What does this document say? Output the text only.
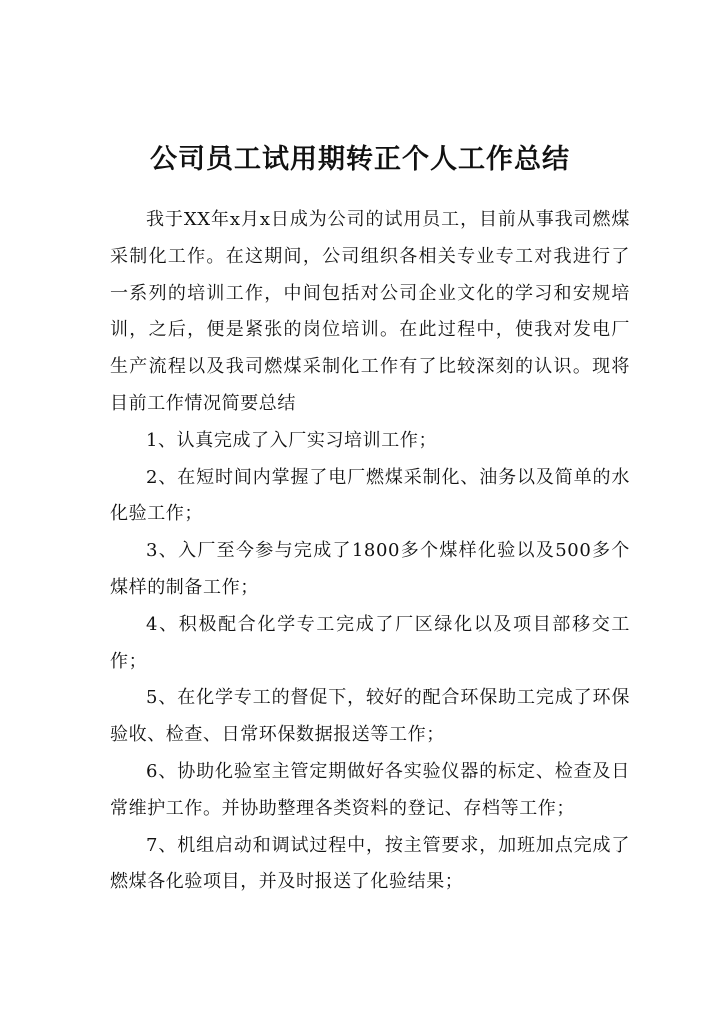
公司员工试用期转正个人工作总结

我于XX年x月x日成为公司的试用员工，目前从事我司燃煤采制化工作。在这期间，公司组织各相关专业专工对我进行了一系列的培训工作，中间包括对公司企业文化的学习和安规培训，之后，便是紧张的岗位培训。在此过程中，使我对发电厂生产流程以及我司燃煤采制化工作有了比较深刻的认识。现将目前工作情况简要总结

1、认真完成了入厂实习培训工作；

2、在短时间内掌握了电厂燃煤采制化、油务以及简单的水化验工作；

3、入厂至今参与完成了1800多个煤样化验以及500多个煤样的制备工作；

4、积极配合化学专工完成了厂区绿化以及项目部移交工作；

5、在化学专工的督促下，较好的配合环保助工完成了环保验收、检查、日常环保数据报送等工作；

6、协助化验室主管定期做好各实验仪器的标定、检查及日常维护工作。并协助整理各类资料的登记、存档等工作；

7、机组启动和调试过程中，按主管要求，加班加点完成了燃煤各化验项目，并及时报送了化验结果；
